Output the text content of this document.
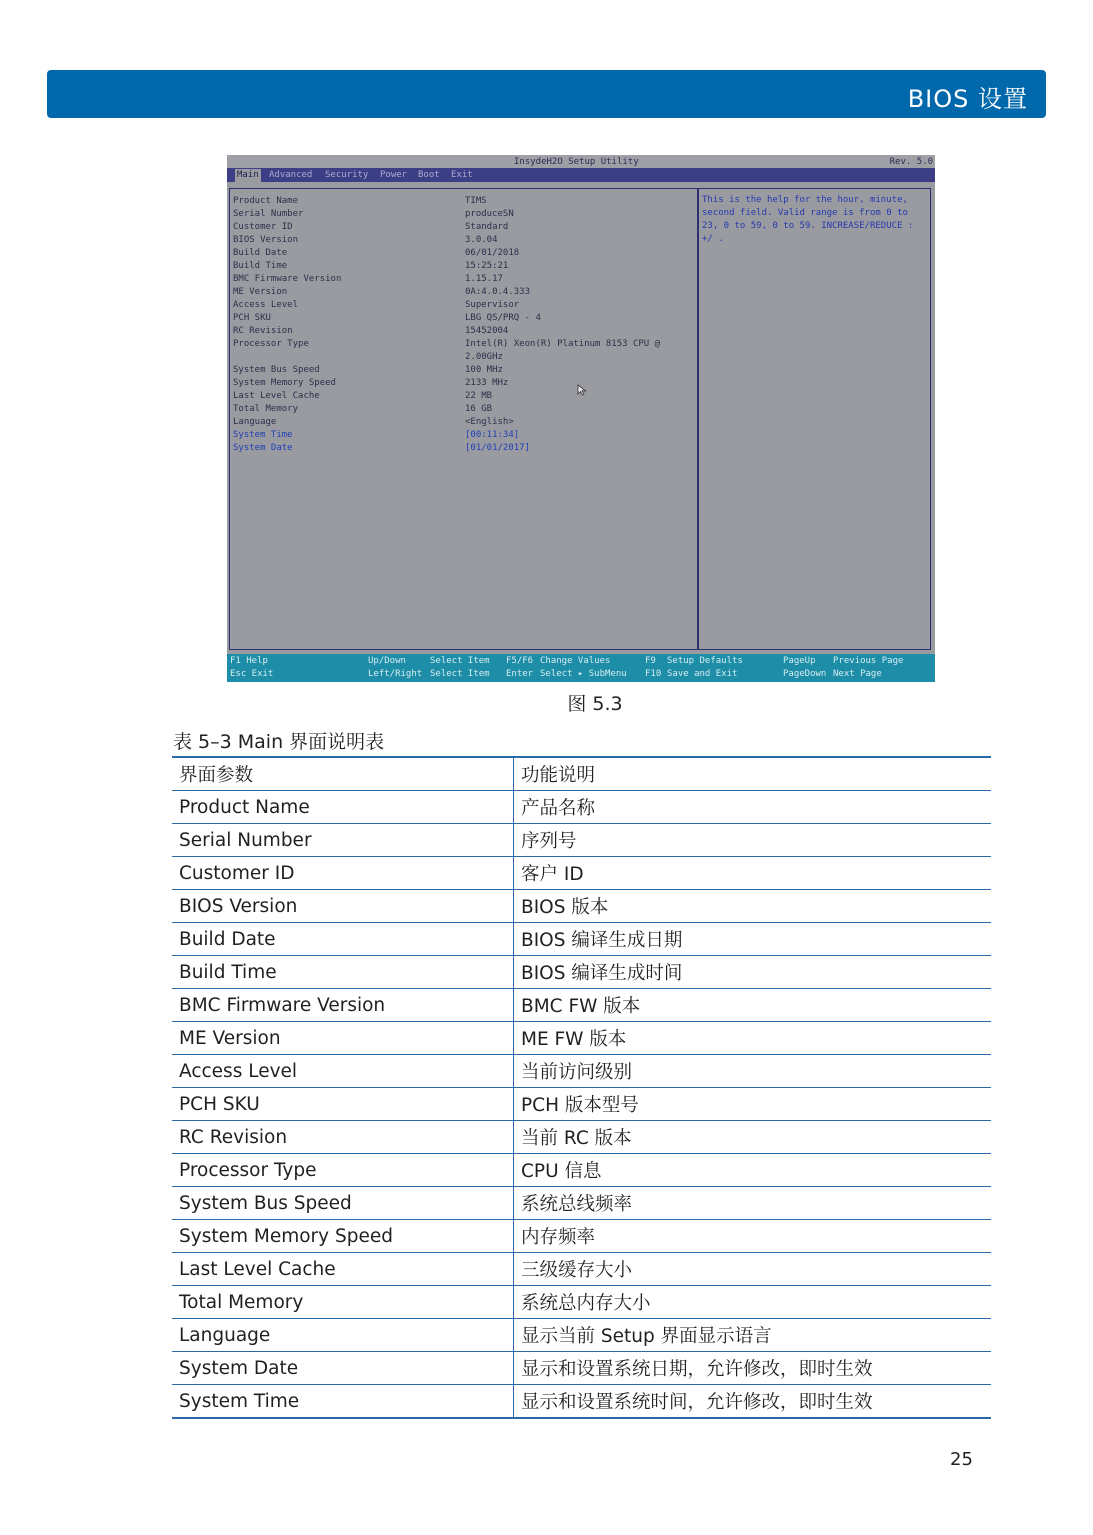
BIOS 设置
InsydeH2O Setup Utility	Rev. 5.0
Main Advanced Security Power Boot Exit
Product Name	TIMS
Serial Number	produceSN
Customer ID	Standard
BIOS Version	3.0.04
Build Date	06/01/2018
Build Time	15:25:21
BMC Firmware Version	1.15.17
ME Version	0A:4.0.4.333
Access Level	Supervisor
PCH SKU	LBG QS/PRQ - 4
RC Revision	15452004
Processor Type	Intel(R) Xeon(R) Platinum 8153 CPU @
2.00GHz
System Bus Speed	100 MHz
System Memory Speed	2133 MHz
Last Level Cache	22 MB
Total Memory	16 GB
Language	<English>
System Time	[00:11:34]
System Date	[01/01/2017]
This is the help for the hour, minute,
second field. Valid range is from 0 to
23, 0 to 59, 0 to 59. INCREASE/REDUCE :
+/ .
F1 Help
Esc Exit
Up/Down
Left/Right
Select Item
Select Item
F5/F6 Change Values
Enter Select ▸ SubMenu
F9 Setup Defaults
F10 Save and Exit
PageUp Previous Page
PageDown Next Page
图 5.3
表 5–3 Main 界面说明表
界面参数	功能说明
Product Name	产品名称
Serial Number	序列号
Customer ID	客户 ID
BIOS Version	BIOS 版本
Build Date	BIOS 编译生成日期
Build Time	BIOS 编译生成时间
BMC Firmware Version	BMC FW 版本
ME Version	ME FW 版本
Access Level	当前访问级别
PCH SKU	PCH 版本型号
RC Revision	当前 RC 版本
Processor Type	CPU 信息
System Bus Speed	系统总线频率
System Memory Speed	内存频率
Last Level Cache	三级缓存大小
Total Memory	系统总内存大小
Language	显示当前 Setup 界面显示语言
System Date	显示和设置系统日期，允许修改，即时生效
System Time	显示和设置系统时间，允许修改，即时生效
25
